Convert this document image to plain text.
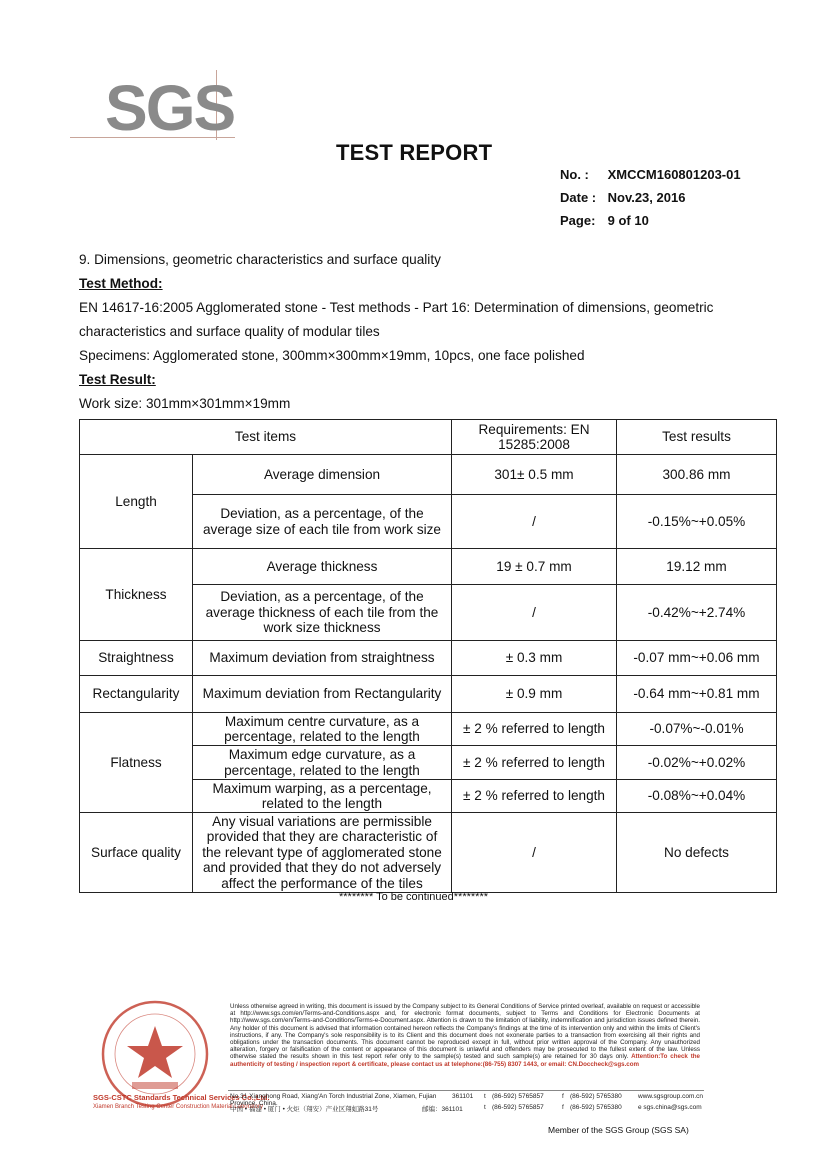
SGS
TEST REPORT
No. : XMCCM160801203-01
Date : Nov.23, 2016
Page: 9 of 10
9. Dimensions, geometric characteristics and surface quality
Test Method:
EN 14617-16:2005 Agglomerated stone - Test methods - Part 16: Determination of dimensions, geometric
characteristics and surface quality of modular tiles
Specimens: Agglomerated stone, 300mm×300mm×19mm, 10pcs, one face polished
Test Result:
Work size: 301mm×301mm×19mm
Test items		Requirements: EN 15285:2008	Test results
Length	Average dimension	301± 0.5 mm	300.86 mm
	Deviation, as a percentage, of the average size of each tile from work size	/	-0.15%~+0.05%
Thickness	Average thickness	19 ± 0.7 mm	19.12 mm
	Deviation, as a percentage, of the average thickness of each tile from the work size thickness	/	-0.42%~+2.74%
Straightness	Maximum deviation from straightness	± 0.3 mm	-0.07 mm~+0.06 mm
Rectangularity	Maximum deviation from Rectangularity	± 0.9 mm	-0.64 mm~+0.81 mm
Flatness	Maximum centre curvature, as a percentage, related to the length	± 2 % referred to length	-0.07%~-0.01%
	Maximum edge curvature, as a percentage, related to the length	± 2 % referred to length	-0.02%~+0.02%
	Maximum warping, as a percentage, related to the length	± 2 % referred to length	-0.08%~+0.04%
Surface quality	Any visual variations are permissible provided that they are characteristic of the relevant type of agglomerated stone and provided that they do not adversely affect the performance of the tiles	/	No defects
******** To be continued********
SGS-CSTC Standards Technical Services Co.,Ltd.
Xiamen Branch Testing Center Construction Material Laboratory
Unless otherwise agreed in writing, this document is issued by the Company subject to its General Conditions of Service printed overleaf, available on request or accessible at http://www.sgs.com/en/Terms-and-Conditions.aspx and, for electronic format documents, subject to Terms and Conditions for Electronic Documents at http://www.sgs.com/en/Terms-and-Conditions/Terms-e-Document.aspx. Attention is drawn to the limitation of liability, indemnification and jurisdiction issues defined therein. Any holder of this document is advised that information contained hereon reflects the Company's findings at the time of its intervention only and within the limits of Client's instructions, if any. The Company's sole responsibility is to its Client and this document does not exonerate parties to a transaction from exercising all their rights and obligations under the transaction documents. This document cannot be reproduced except in full, without prior written approval of the Company. Any unauthorized alteration, forgery or falsification of the content or appearance of this document is unlawful and offenders may be prosecuted to the fullest extent of the law. Unless otherwise stated the results shown in this test report refer only to the sample(s) tested and such sample(s) are retained for 30 days only. Attention:To check the authenticity of testing / inspection report & certificate, please contact us at telephone:(86-755) 8307 1443, or email: CN.Doccheck@sgs.com
No.31 Xianghong Road, Xiang'An Torch Industrial Zone, Xiamen, Fujian Province, China.
361101	t (86-592) 5765857	f (86-592) 5765380	www.sgsgroup.com.cn
中国 • 福建 • 厦门 • 火炬（翔安）产业区翔虹路31号	邮编：361101	t (86-592) 5765857	f (86-592) 5765380	e sgs.china@sgs.com
Member of the SGS Group (SGS SA)
